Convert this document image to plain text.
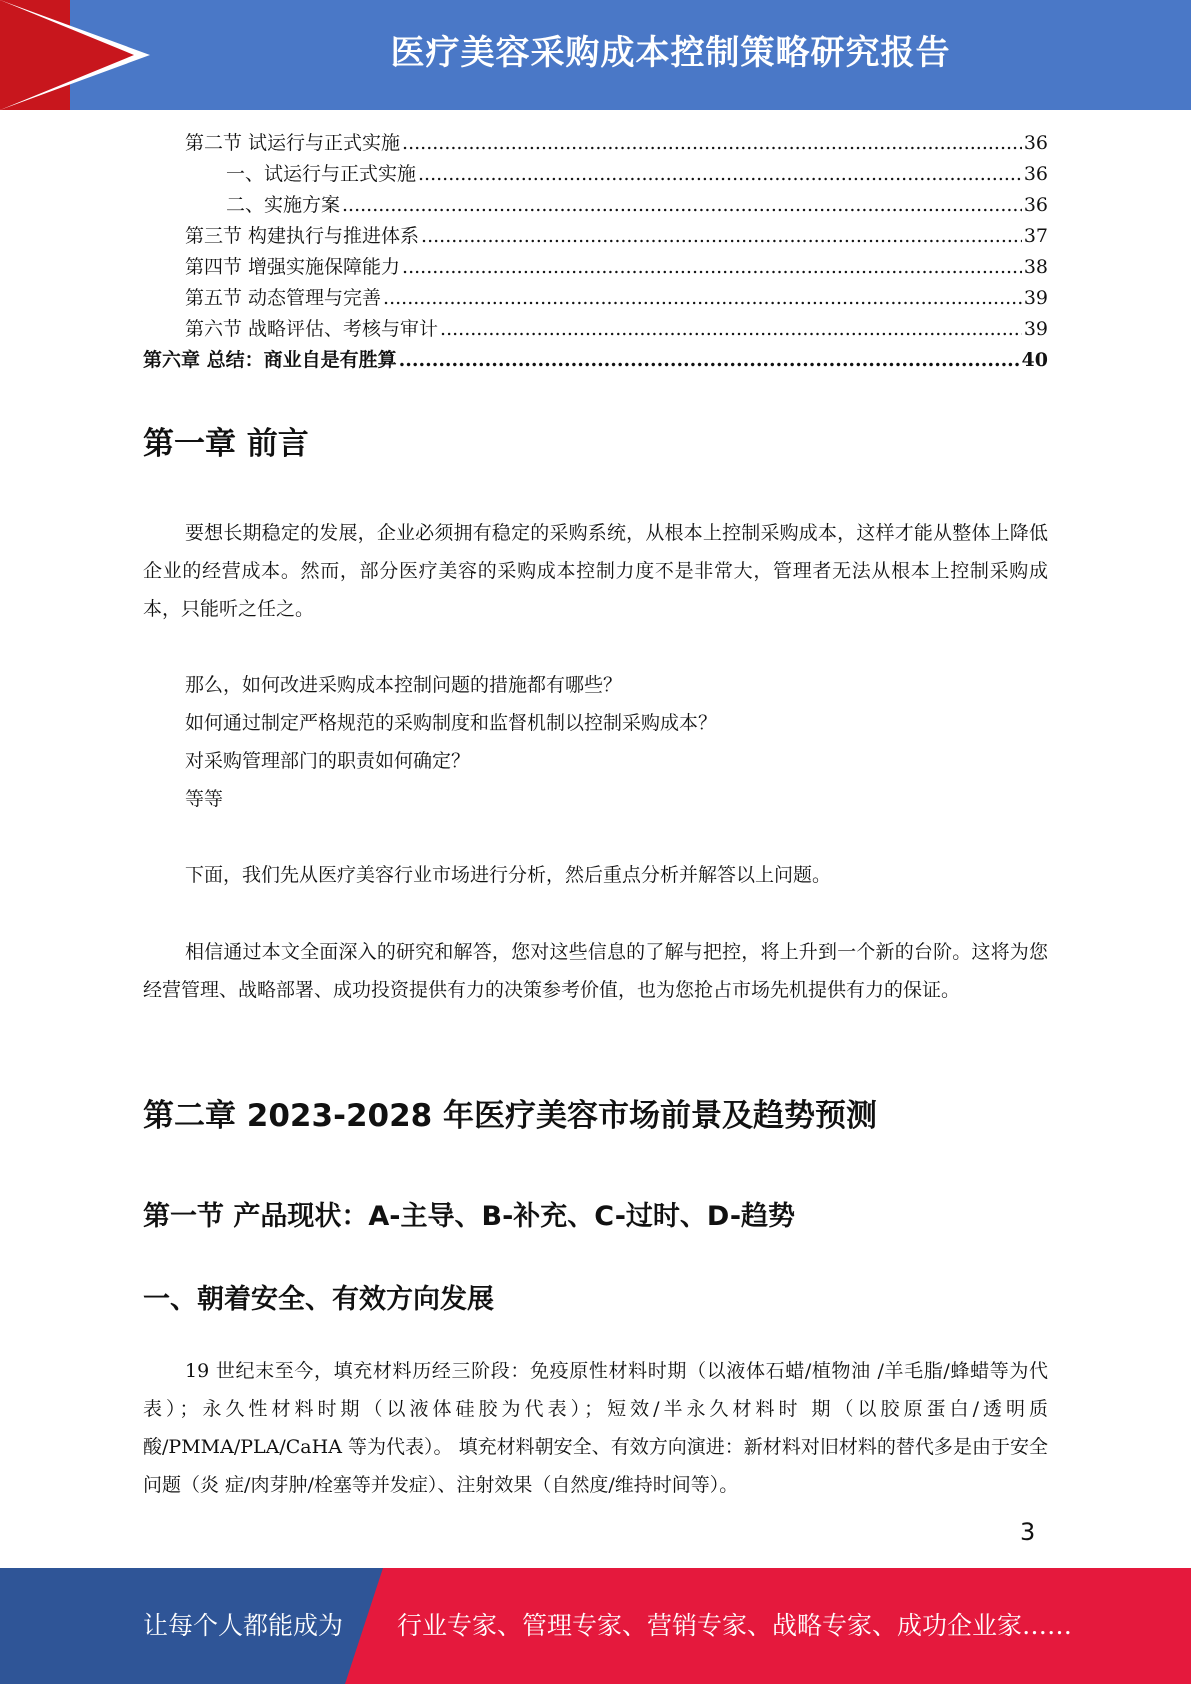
医疗美容采购成本控制策略研究报告
第二节 试运行与正式实施 .....	36
一、试运行与正式实施 .....	36
二、实施方案 .....	36
第三节 构建执行与推进体系 .....	37
第四节 增强实施保障能力 .....	38
第五节 动态管理与完善 .....	39
第六节 战略评估、考核与审计 .....	39
第六章 总结：商业自是有胜算 .....	40
第一章 前言

要想长期稳定的发展，企业必须拥有稳定的采购系统，从根本上控制采购成本，这样才能从整体上降低企业的经营成本。然而，部分医疗美容的采购成本控制力度不是非常大，管理者无法从根本上控制采购成本，只能听之任之。

那么，如何改进采购成本控制问题的措施都有哪些？

如何通过制定严格规范的采购制度和监督机制以控制采购成本？

对采购管理部门的职责如何确定？

等等

下面，我们先从医疗美容行业市场进行分析，然后重点分析并解答以上问题。

相信通过本文全面深入的研究和解答，您对这些信息的了解与把控，将上升到一个新的台阶。这将为您经营管理、战略部署、成功投资提供有力的决策参考价值，也为您抢占市场先机提供有力的保证。

第二章 2023-2028 年医疗美容市场前景及趋势预测
第一节 产品现状：A-主导、B-补充、C-过时、D-趋势
一、朝着安全、有效方向发展

19 世纪末至今，填充材料历经三阶段：免疫原性材料时期（以液体石蜡/植物油 /羊毛脂/蜂蜡等为代表）；永久性材料时期（以液体硅胶为代表）；短效/半永久材料时 期（以胶原蛋白/透明质酸/PMMA/PLA/CaHA 等为代表）。 填充材料朝安全、有效方向演进：新材料对旧材料的替代多是由于安全问题（炎 症/肉芽肿/栓塞等并发症）、注射效果（自然度/维持时间等）。

3
让每个人都能成为 行业专家、管理专家、营销专家、战略专家、成功企业家……
